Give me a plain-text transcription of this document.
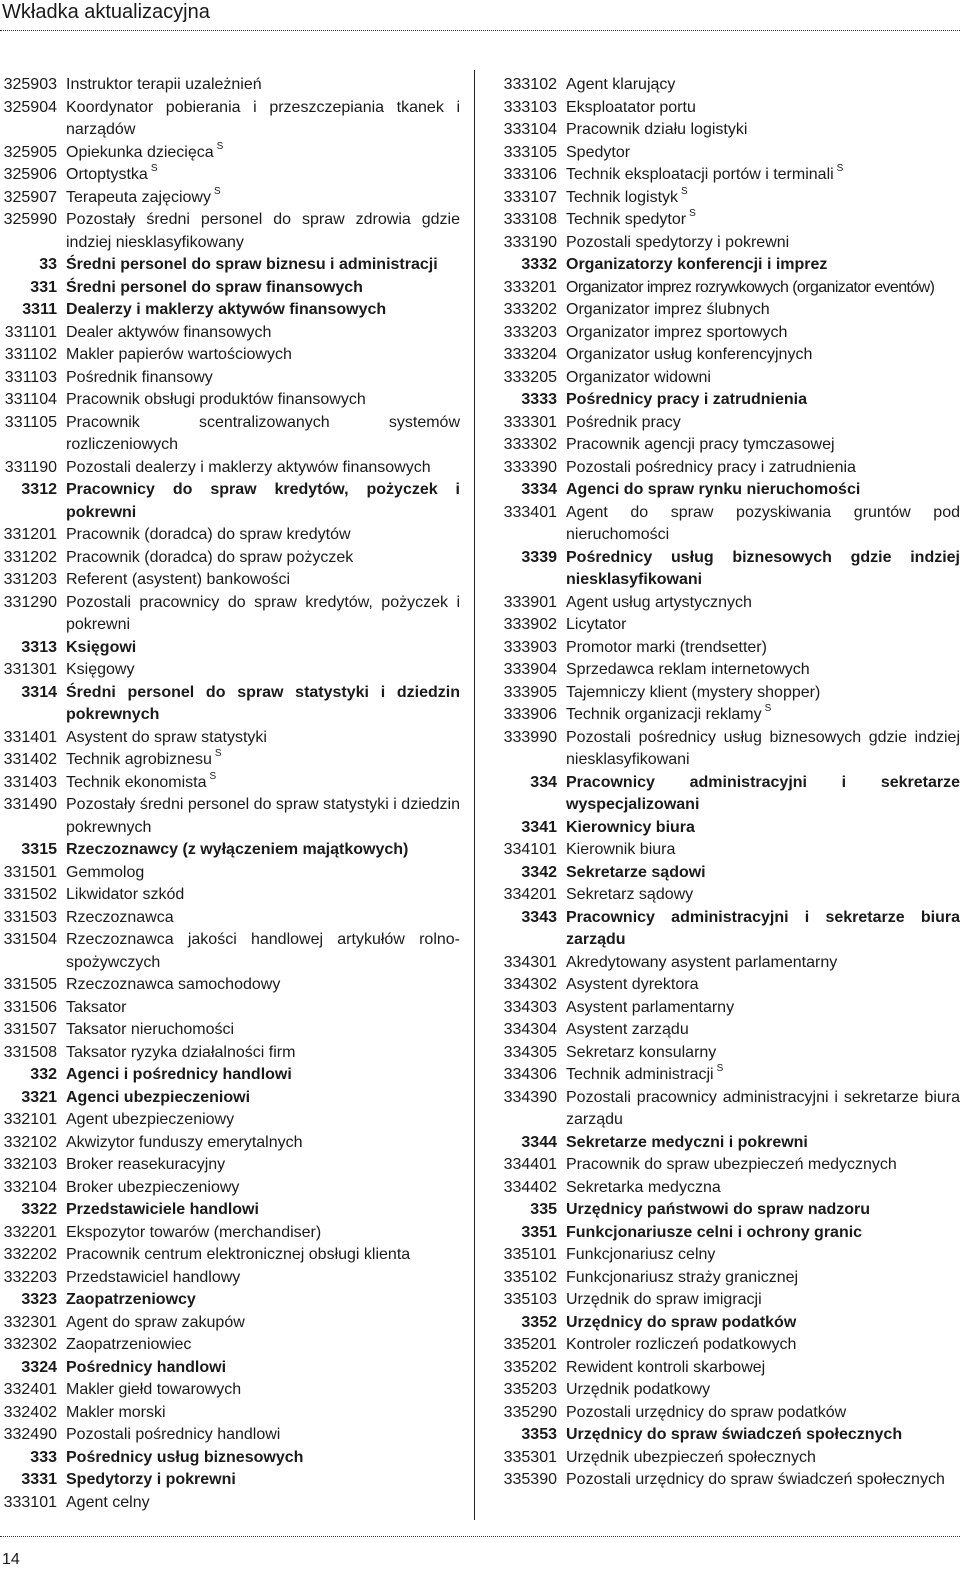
Wkładka aktualizacyjna
325903 Instruktor terapii uzależnień
325904 Koordynator pobierania i przeszczepiania tkanek i narządów
325905 Opiekunka dziecięca $^S$
325906 Ortoptystka $^S$
325907 Terapeuta zajęciowy $^S$
325990 Pozostały średni personel do spraw zdrowia gdzie indziej niesklasyfikowany
33 Średni personel do spraw biznesu i administracji
331 Średni personel do spraw finansowych
3311 Dealerzy i maklerzy aktywów finansowych
331101 Dealer aktywów finansowych
331102 Makler papierów wartościowych
331103 Pośrednik finansowy
331104 Pracownik obsługi produktów finansowych
331105 Pracownik scentralizowanych systemów rozliczeniowych
331190 Pozostali dealerzy i maklerzy aktywów finansowych
3312 Pracownicy do spraw kredytów, pożyczek i pokrewni
331201 Pracownik (doradca) do spraw kredytów
331202 Pracownik (doradca) do spraw pożyczek
331203 Referent (asystent) bankowości
331290 Pozostali pracownicy do spraw kredytów, pożyczek i pokrewni
3313 Księgowi
331301 Księgowy
3314 Średni personel do spraw statystyki i dziedzin pokrewnych
331401 Asystent do spraw statystyki
331402 Technik agrobiznesu $^S$
331403 Technik ekonomista $^S$
331490 Pozostały średni personel do spraw statystyki i dziedzin pokrewnych
3315 Rzeczoznawcy (z wyłączeniem majątkowych)
331501 Gemmolog
331502 Likwidator szkód
331503 Rzeczoznawca
331504 Rzeczoznawca jakości handlowej artykułów rolno-spożywczych
331505 Rzeczoznawca samochodowy
331506 Taksator
331507 Taksator nieruchomości
331508 Taksator ryzyka działalności firm
332 Agenci i pośrednicy handlowi
3321 Agenci ubezpieczeniowi
332101 Agent ubezpieczeniowy
332102 Akwizytor funduszy emerytalnych
332103 Broker reasekuracyjny
332104 Broker ubezpieczeniowy
3322 Przedstawiciele handlowi
332201 Ekspozytor towarów (merchandiser)
332202 Pracownik centrum elektronicznej obsługi klienta
332203 Przedstawiciel handlowy
3323 Zaopatrzeniowcy
332301 Agent do spraw zakupów
332302 Zaopatrzeniowiec
3324 Pośrednicy handlowi
332401 Makler giełd towarowych
332402 Makler morski
332490 Pozostali pośrednicy handlowi
333 Pośrednicy usług biznesowych
3331 Spedytorzy i pokrewni
333101 Agent celny
333102 Agent klarujący
333103 Eksploatator portu
333104 Pracownik działu logistyki
333105 Spedytor
333106 Technik eksploatacji portów i terminali $^S$
333107 Technik logistyk $^S$
333108 Technik spedytor $^S$
333190 Pozostali spedytorzy i pokrewni
3332 Organizatorzy konferencji i imprez
333201 Organizator imprez rozrywkowych (organizator eventów)
333202 Organizator imprez ślubnych
333203 Organizator imprez sportowych
333204 Organizator usług konferencyjnych
333205 Organizator widowni
3333 Pośrednicy pracy i zatrudnienia
333301 Pośrednik pracy
333302 Pracownik agencji pracy tymczasowej
333390 Pozostali pośrednicy pracy i zatrudnienia
3334 Agenci do spraw rynku nieruchomości
333401 Agent do spraw pozyskiwania gruntów pod nieruchomości
3339 Pośrednicy usług biznesowych gdzie indziej niesklasyfikowani
333901 Agent usług artystycznych
333902 Licytator
333903 Promotor marki (trendsetter)
333904 Sprzedawca reklam internetowych
333905 Tajemniczy klient (mystery shopper)
333906 Technik organizacji reklamy $^S$
333990 Pozostali pośrednicy usług biznesowych gdzie indziej niesklasyfikowani
334 Pracownicy administracyjni i sekretarze wyspecjalizowani
3341 Kierownicy biura
334101 Kierownik biura
3342 Sekretarze sądowi
334201 Sekretarz sądowy
3343 Pracownicy administracyjni i sekretarze biura zarządu
334301 Akredytowany asystent parlamentarny
334302 Asystent dyrektora
334303 Asystent parlamentarny
334304 Asystent zarządu
334305 Sekretarz konsularny
334306 Technik administracji $^S$
334390 Pozostali pracownicy administracyjni i sekretarze biura zarządu
3344 Sekretarze medyczni i pokrewni
334401 Pracownik do spraw ubezpieczeń medycznych
334402 Sekretarka medyczna
335 Urzędnicy państwowi do spraw nadzoru
3351 Funkcjonariusze celni i ochrony granic
335101 Funkcjonariusz celny
335102 Funkcjonariusz straży granicznej
335103 Urzędnik do spraw imigracji
3352 Urzędnicy do spraw podatków
335201 Kontroler rozliczeń podatkowych
335202 Rewident kontroli skarbowej
335203 Urzędnik podatkowy
335290 Pozostali urzędnicy do spraw podatków
3353 Urzędnicy do spraw świadczeń społecznych
335301 Urzędnik ubezpieczeń społecznych
335390 Pozostali urzędnicy do spraw świadczeń społecznych
14
